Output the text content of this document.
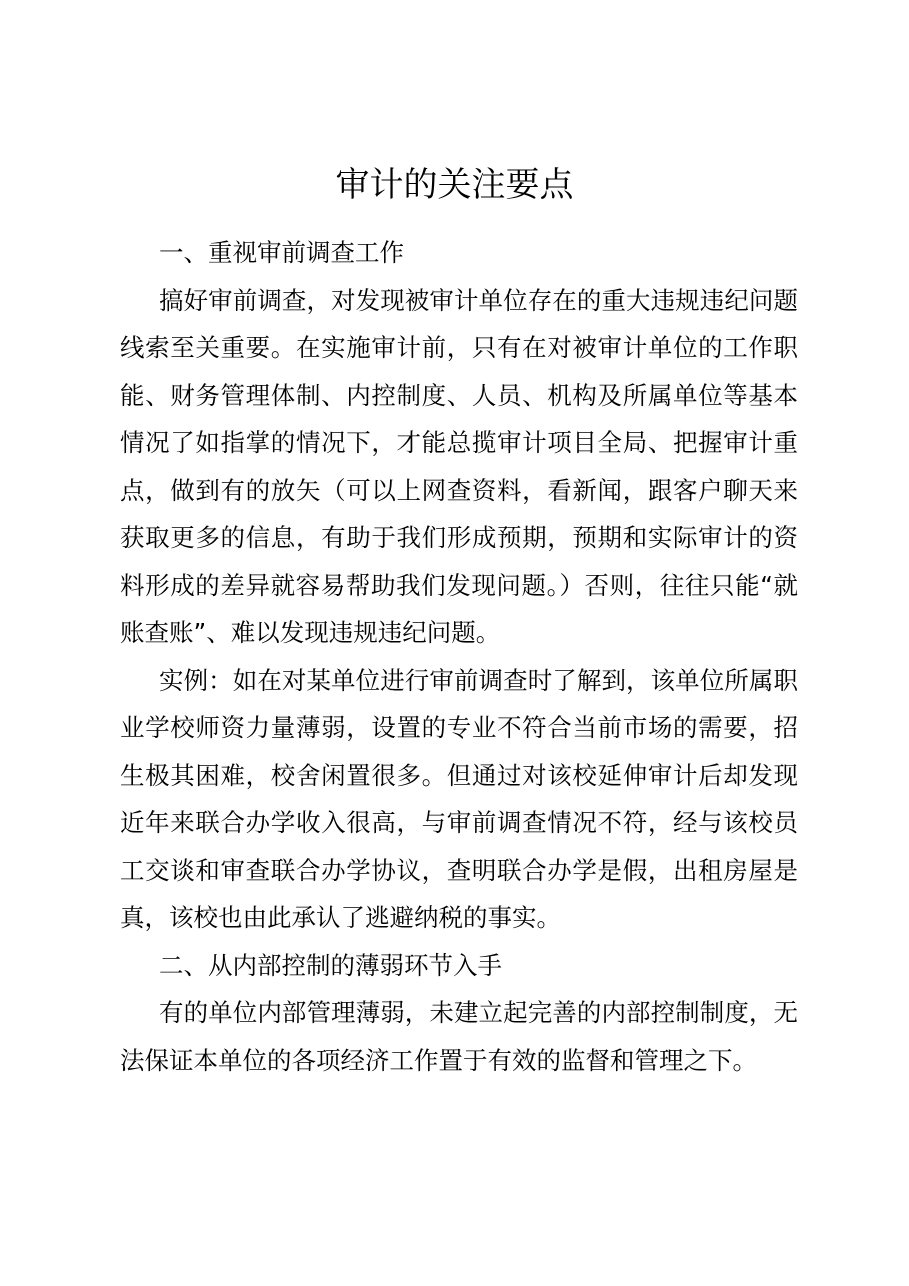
审计的关注要点

一、重视审前调查工作

搞好审前调查，对发现被审计单位存在的重大违规违纪问题线索至关重要。在实施审计前，只有在对被审计单位的工作职能、财务管理体制、内控制度、人员、机构及所属单位等基本情况了如指掌的情况下，才能总揽审计项目全局、把握审计重点，做到有的放矢（可以上网查资料，看新闻，跟客户聊天来获取更多的信息，有助于我们形成预期，预期和实际审计的资料形成的差异就容易帮助我们发现问题。）否则，往往只能“就账查账”、难以发现违规违纪问题。

实例：如在对某单位进行审前调查时了解到，该单位所属职业学校师资力量薄弱，设置的专业不符合当前市场的需要，招生极其困难，校舍闲置很多。但通过对该校延伸审计后却发现近年来联合办学收入很高，与审前调查情况不符，经与该校员工交谈和审查联合办学协议，查明联合办学是假，出租房屋是真，该校也由此承认了逃避纳税的事实。

二、从内部控制的薄弱环节入手

有的单位内部管理薄弱，未建立起完善的内部控制制度，无法保证本单位的各项经济工作置于有效的监督和管理之下。
